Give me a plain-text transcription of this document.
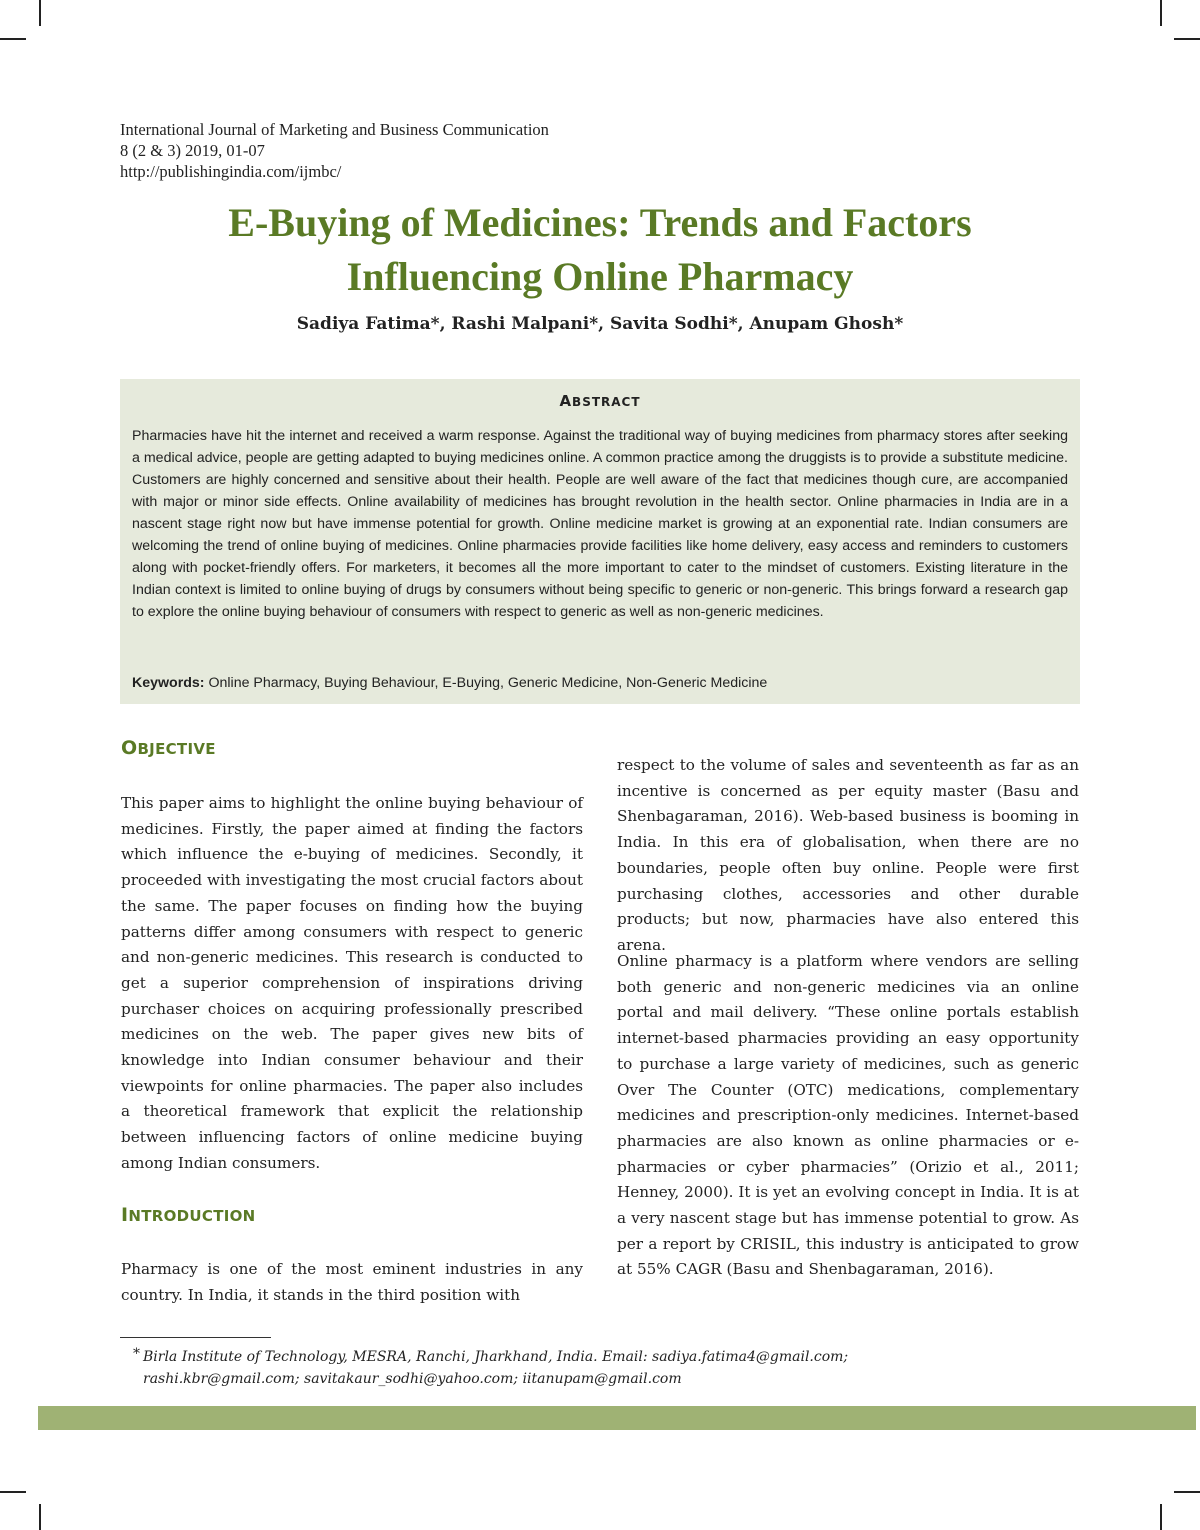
International Journal of Marketing and Business Communication
8 (2 & 3) 2019, 01-07
http://publishingindia.com/ijmbc/
E-Buying of Medicines: Trends and Factors
Influencing Online Pharmacy
Sadiya Fatima*, Rashi Malpani*, Savita Sodhi*, Anupam Ghosh*
ABSTRACT
Pharmacies have hit the internet and received a warm response. Against the traditional way of buying medicines from pharmacy stores after seeking a medical advice, people are getting adapted to buying medicines online. A common practice among the druggists is to provide a substitute medicine. Customers are highly concerned and sensitive about their health. People are well aware of the fact that medicines though cure, are accompanied with major or minor side effects. Online availability of medicines has brought revolution in the health sector. Online pharmacies in India are in a nascent stage right now but have immense potential for growth. Online medicine market is growing at an exponential rate. Indian consumers are welcoming the trend of online buying of medicines. Online pharmacies provide facilities like home delivery, easy access and reminders to customers along with pocket-friendly offers. For marketers, it becomes all the more important to cater to the mindset of customers. Existing literature in the Indian context is limited to online buying of drugs by consumers without being specific to generic or non-generic. This brings forward a research gap to explore the online buying behaviour of consumers with respect to generic as well as non-generic medicines.
Keywords: Online Pharmacy, Buying Behaviour, E-Buying, Generic Medicine, Non-Generic Medicine
OBJECTIVE
This paper aims to highlight the online buying behaviour of medicines. Firstly, the paper aimed at finding the factors which influence the e-buying of medicines. Secondly, it proceeded with investigating the most crucial factors about the same. The paper focuses on finding how the buying patterns differ among consumers with respect to generic and non-generic medicines. This research is conducted to get a superior comprehension of inspirations driving purchaser choices on acquiring professionally prescribed medicines on the web. The paper gives new bits of knowledge into Indian consumer behaviour and their viewpoints for online pharmacies. The paper also includes a theoretical framework that explicit the relationship between influencing factors of online medicine buying among Indian consumers.
INTRODUCTION
Pharmacy is one of the most eminent industries in any country. In India, it stands in the third position with
respect to the volume of sales and seventeenth as far as an incentive is concerned as per equity master (Basu and Shenbagaraman, 2016). Web-based business is booming in India. In this era of globalisation, when there are no boundaries, people often buy online. People were first purchasing clothes, accessories and other durable products; but now, pharmacies have also entered this arena.
Online pharmacy is a platform where vendors are selling both generic and non-generic medicines via an online portal and mail delivery. “These online portals establish internet-based pharmacies providing an easy opportunity to purchase a large variety of medicines, such as generic Over The Counter (OTC) medications, complementary medicines and prescription-only medicines. Internet-based pharmacies are also known as online pharmacies or e-pharmacies or cyber pharmacies” (Orizio et al., 2011; Henney, 2000). It is yet an evolving concept in India. It is at a very nascent stage but has immense potential to grow. As per a report by CRISIL, this industry is anticipated to grow at 55% CAGR (Basu and Shenbagaraman, 2016).
* Birla Institute of Technology, MESRA, Ranchi, Jharkhand, India. Email: sadiya.fatima4@gmail.com;
rashi.kbr@gmail.com; savitakaur_sodhi@yahoo.com; iitanupam@gmail.com
